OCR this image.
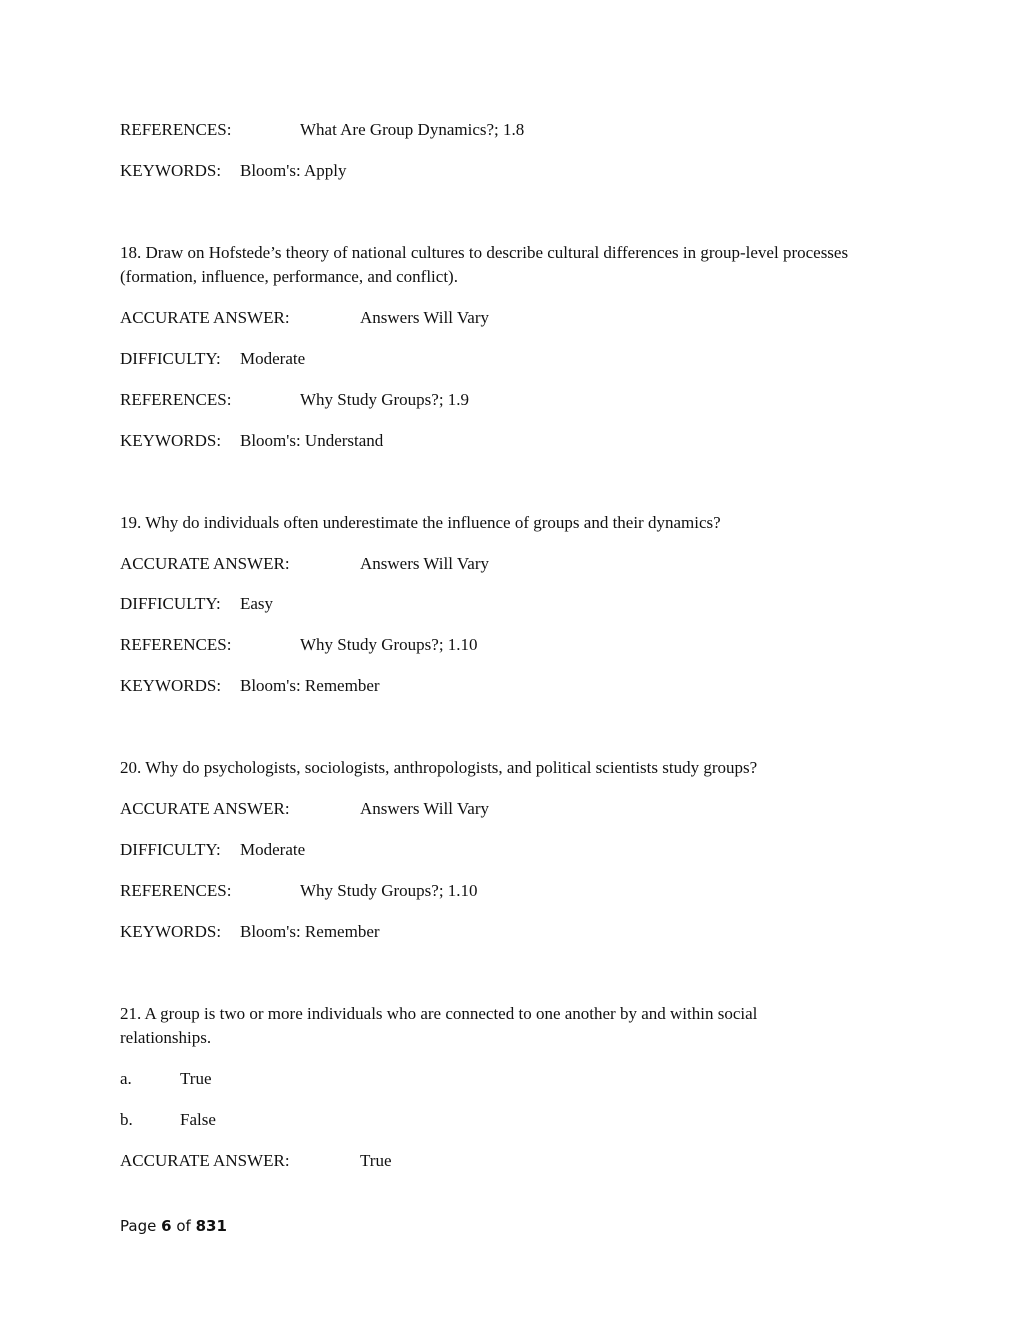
REFERENCES:	What Are Group Dynamics?; 1.8
KEYWORDS: Bloom's: Apply
18. Draw on Hofstede’s theory of national cultures to describe cultural differences in group-level processes (formation, influence, performance, and conflict).
ACCURATE ANSWER:	Answers Will Vary
DIFFICULTY: Moderate
REFERENCES:	Why Study Groups?; 1.9
KEYWORDS: Bloom's: Understand
19. Why do individuals often underestimate the influence of groups and their dynamics?
ACCURATE ANSWER:	Answers Will Vary
DIFFICULTY: Easy
REFERENCES:	Why Study Groups?; 1.10
KEYWORDS: Bloom's: Remember
20. Why do psychologists, sociologists, anthropologists, and political scientists study groups?
ACCURATE ANSWER:	Answers Will Vary
DIFFICULTY: Moderate
REFERENCES:	Why Study Groups?; 1.10
KEYWORDS: Bloom's: Remember
21. A group is two or more individuals who are connected to one another by and within social relationships.
a.	True
b.	False
ACCURATE ANSWER:	True
Page 6 of 831
